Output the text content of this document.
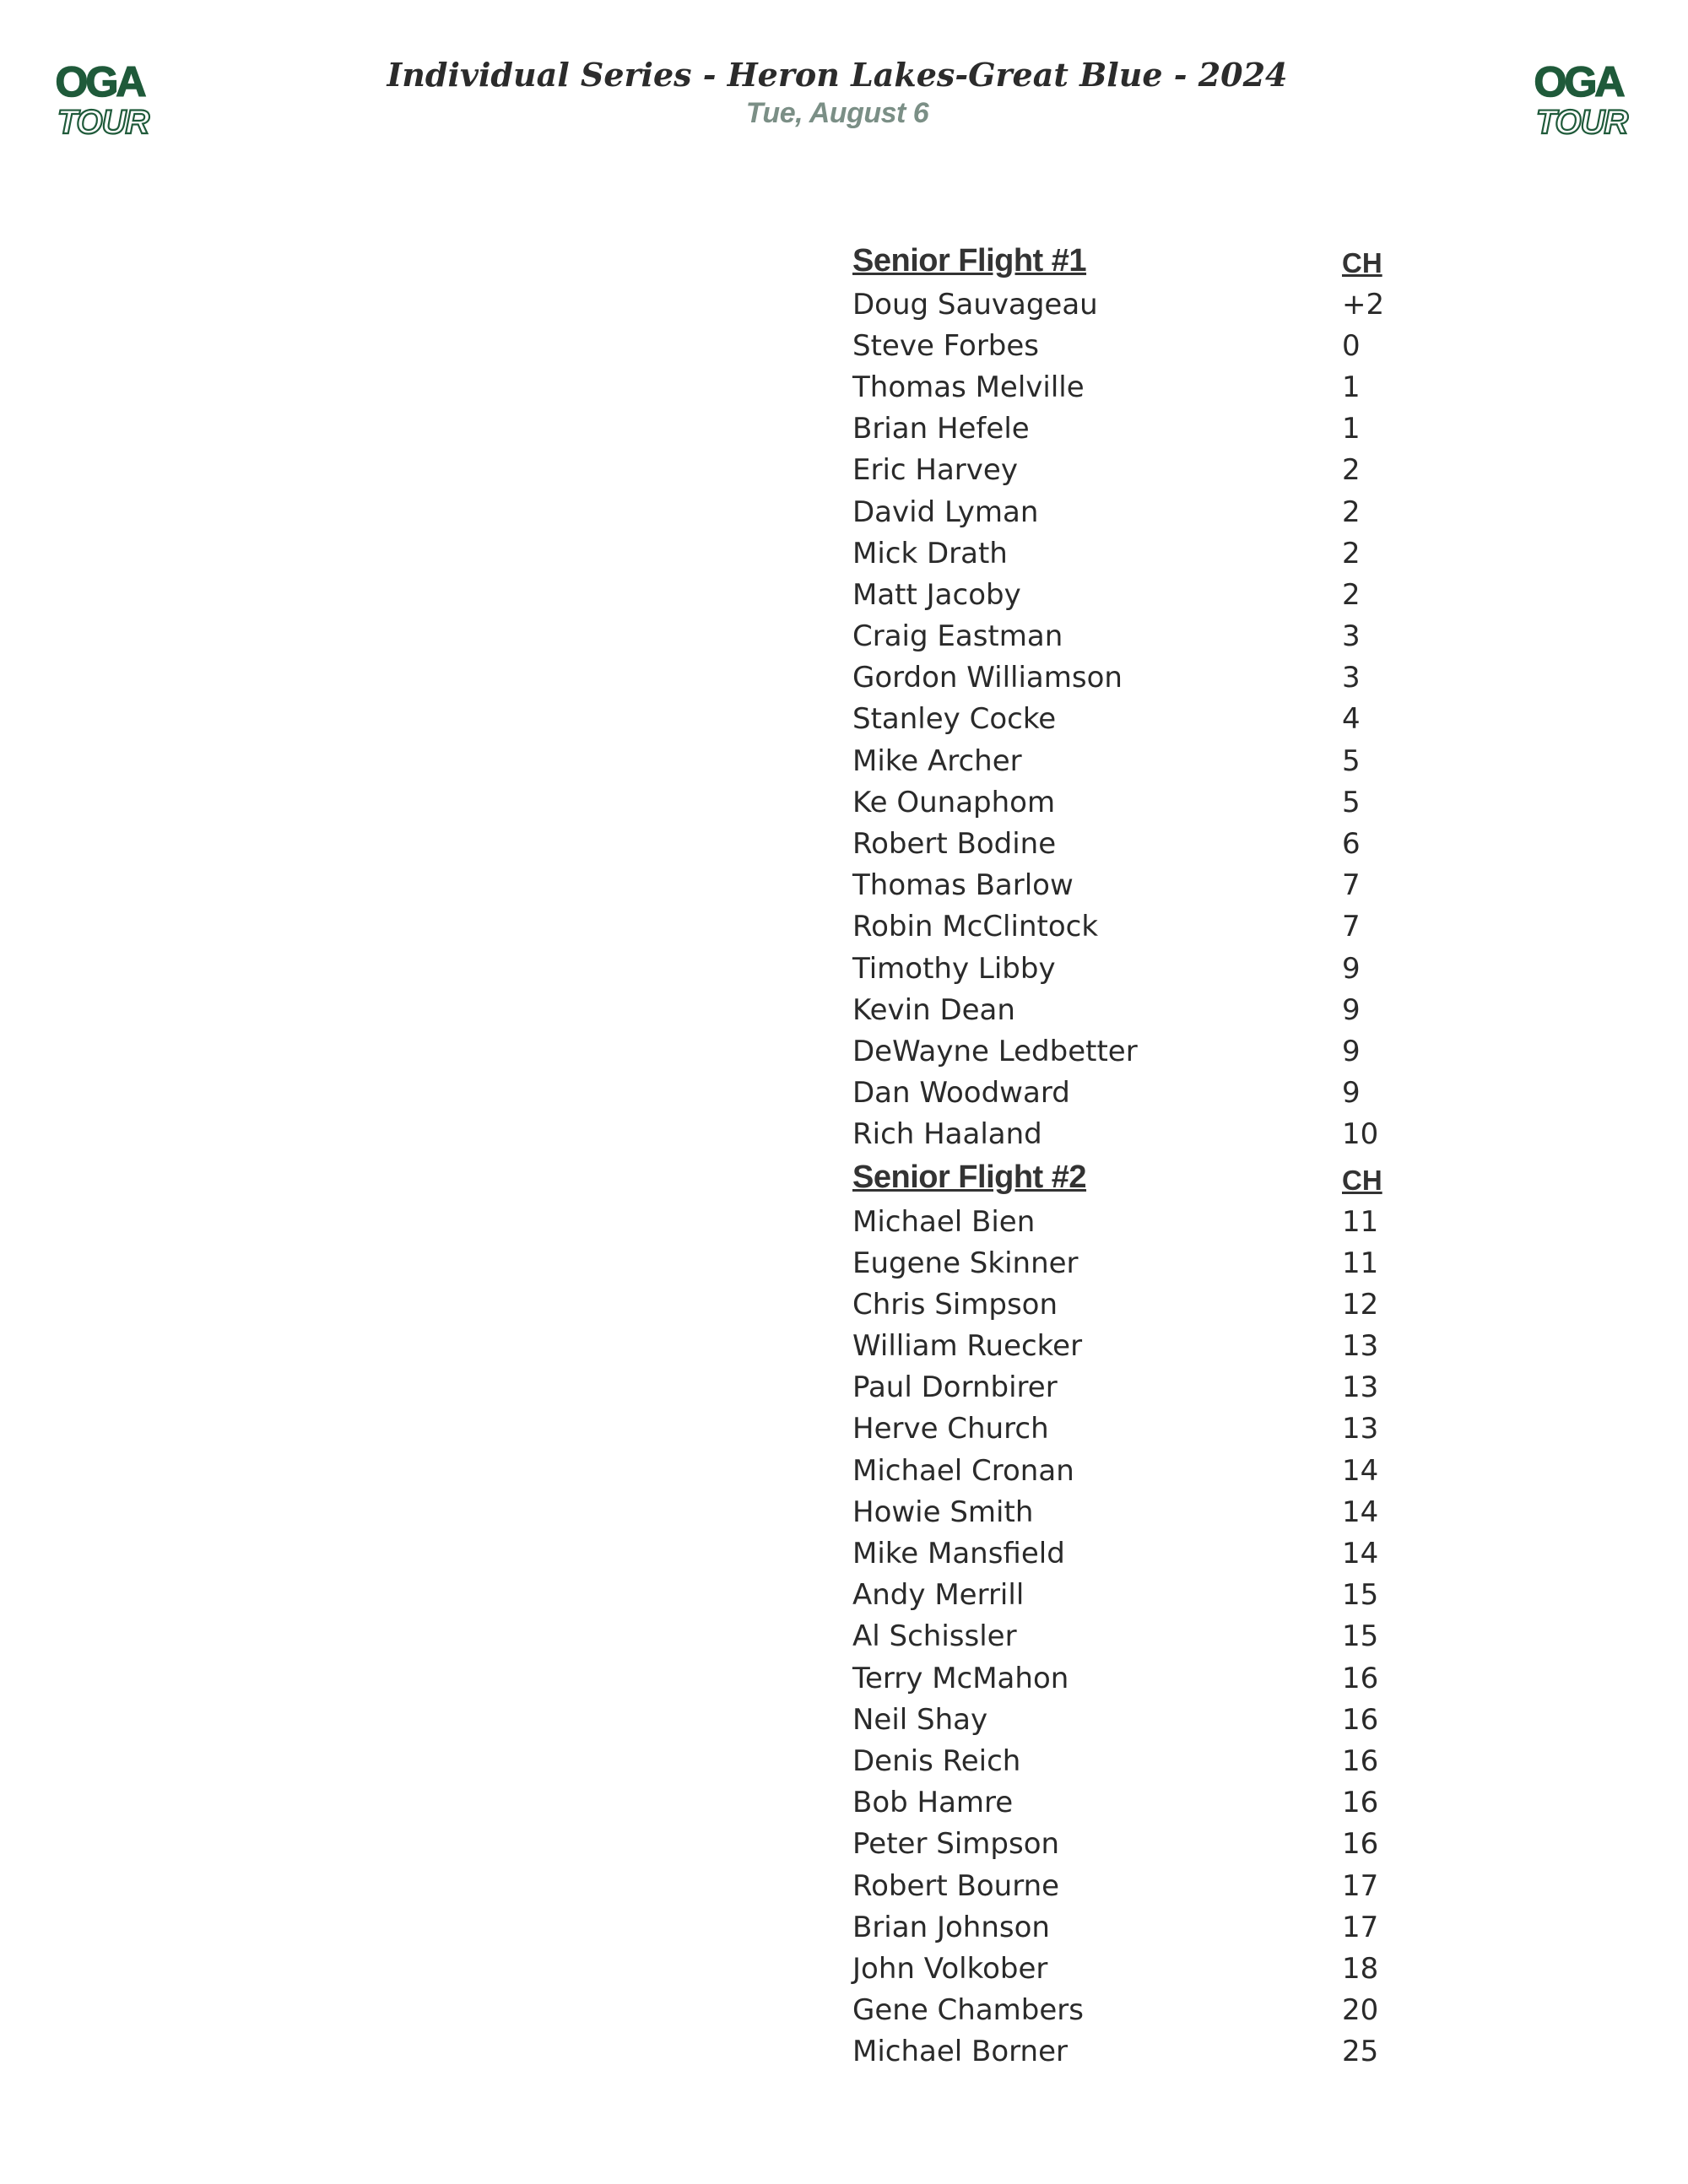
OGA
TOUR
OGA
TOUR
Individual Series - Heron Lakes-Great Blue - 2024
Tue, August 6
Senior Flight #1	CH
Doug Sauvageau	+2
Steve Forbes	0
Thomas Melville	1
Brian Hefele	1
Eric Harvey	2
David Lyman	2
Mick Drath	2
Matt Jacoby	2
Craig Eastman	3
Gordon Williamson	3
Stanley Cocke	4
Mike Archer	5
Ke Ounaphom	5
Robert Bodine	6
Thomas Barlow	7
Robin McClintock	7
Timothy Libby	9
Kevin Dean	9
DeWayne Ledbetter	9
Dan Woodward	9
Rich Haaland	10
Senior Flight #2	CH
Michael Bien	11
Eugene Skinner	11
Chris Simpson	12
William Ruecker	13
Paul Dornbirer	13
Herve Church	13
Michael Cronan	14
Howie Smith	14
Mike Mansfield	14
Andy Merrill	15
Al Schissler	15
Terry McMahon	16
Neil Shay	16
Denis Reich	16
Bob Hamre	16
Peter Simpson	16
Robert Bourne	17
Brian Johnson	17
John Volkober	18
Gene Chambers	20
Michael Borner	25
